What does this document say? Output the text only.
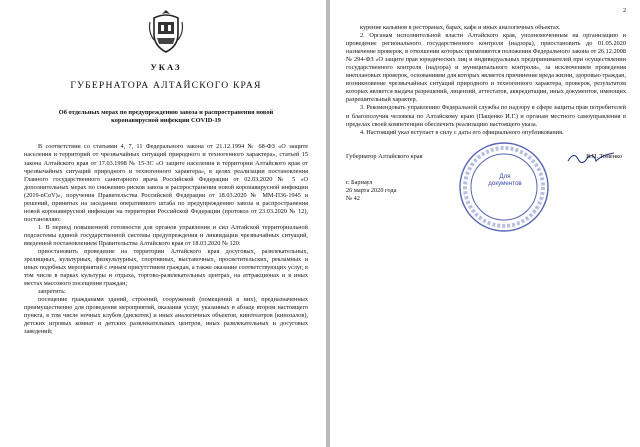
УКАЗ
ГУБЕРНАТОРА АЛТАЙСКОГО КРАЯ
Об отдельных мерах по предупреждению завоза и распространения новой коронавирусной инфекции COVID-19

В соответствии со статьями 4, 7, 11 Федерального закона от 21.12.1994 № 68-ФЗ «О защите населения и территорий от чрезвычайных ситуаций природного и техногенного характера», статьей 15 закона Алтайского края от 17.03.1998 № 15-ЗС «О защите населения и территории Алтайского края от чрезвычайных ситуаций природного и техногенного характера», в целях реализации постановления Главного государственного санитарного врача Российской Федерации от 02.03.2020 № 5 «О дополнительных мерах по снижению рисков завоза и распространения новой коронавирусной инфекции (2019-nCoV)», поручения Правительства Российской Федерации от 18.03.2020 № ММ-П36-1945 и решений, принятых на заседании оперативного штаба по предупреждению завоза и распространения новой коронавирусной инфекции на территории Российской Федерации (протокол от 23.03.2020 № 12), постановляю:

1. В период повышенной готовности для органов управления и сил Алтайской территориальной подсистемы единой государственной системы предупреждения и ликвидации чрезвычайных ситуаций, введенной постановлением Правительства Алтайского края от 18.03.2020 № 120:

приостановить проведение на территории Алтайского края досуговых, развлекательных, зрелищных, культурных, физкультурных, спортивных, выставочных, просветительских, рекламных и иных подобных мероприятий с очным присутствием граждан, а также оказание соответствующих услуг, в том числе в парках культуры и отдыха, торгово-развлекательных центрах, на аттракционах и в иных местах массового посещения граждан;

запретить:

посещение гражданами зданий, строений, сооружений (помещений в них), предназначенных преимущественно для проведения мероприятий, оказания услуг, указанных в абзаце втором настоящего пункта, в том числе ночных клубов (дискотек) и иных аналогичных объектов, кинотеатров (кинозалов), детских игровых комнат и детских развлекательных центров, иных развлекательных и досуговых заведений;

2

курение кальянов в ресторанах, барах, кафе и иных аналогичных объектах.

2. Органам исполнительной власти Алтайского края, уполномоченным на организацию и проведение регионального государственного контроля (надзора), приостановить до 01.05.2020 назначение проверок, в отношении которых применяются положения Федерального закона от 26.12.2008 № 294-ФЗ «О защите прав юридических лиц и индивидуальных предпринимателей при осуществлении государственного контроля (надзора) и муниципального контроля», за исключением проведения внеплановых проверок, основаниями для которых является причинение вреда жизни, здоровью граждан, возникновение чрезвычайных ситуаций природного и техногенного характера, проверок, результатом которых является выдача разрешений, лицензий, аттестатов, аккредитации, иных документов, имеющих разрешительный характер.

3. Рекомендовать управлению Федеральной службы по надзору в сфере защиты прав потребителей и благополучия человека по Алтайскому краю (Пащенко И.Г.) и органам местного самоуправления в пределах своей компетенции обеспечить реализацию настоящего указа.

4. Настоящий указ вступает в силу с даты его официального опубликования.

Для
документов
Губернатор Алтайского края	В.П. Томенко
г. Барнаул
26 марта 2020 года
№ 42
